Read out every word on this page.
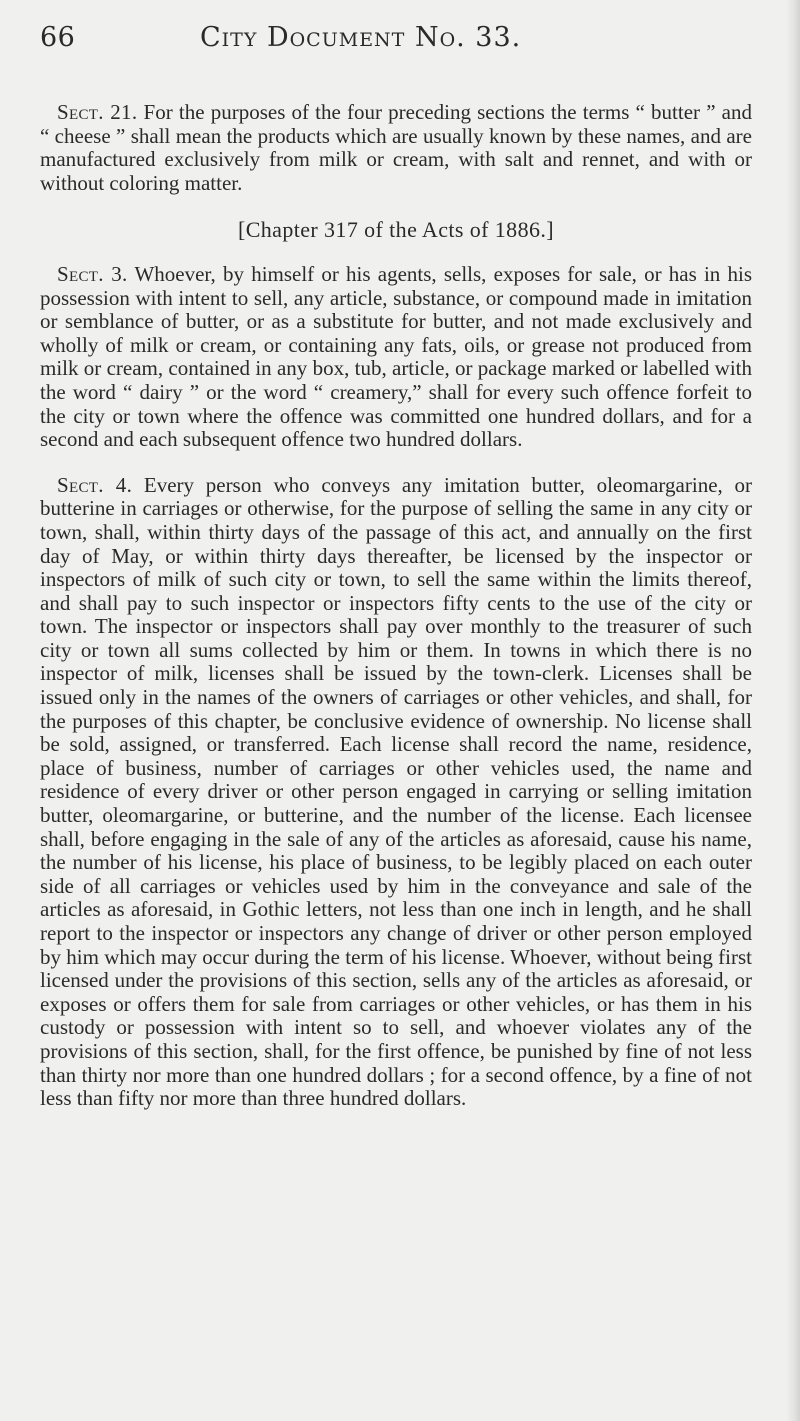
66	City Document No. 33.

Sect. 21. For the purposes of the four preceding sections the terms “ butter ” and “ cheese ” shall mean the products which are usually known by these names, and are manufactured exclusively from milk or cream, with salt and rennet, and with or without coloring matter.

[Chapter 317 of the Acts of 1886.]

Sect. 3. Whoever, by himself or his agents, sells, exposes for sale, or has in his possession with intent to sell, any article, substance, or compound made in imitation or semblance of butter, or as a substitute for butter, and not made exclusively and wholly of milk or cream, or containing any fats, oils, or grease not produced from milk or cream, contained in any box, tub, article, or package marked or labelled with the word “ dairy ” or the word “ creamery,” shall for every such offence forfeit to the city or town where the offence was committed one hundred dollars, and for a second and each subsequent offence two hundred dollars.

Sect. 4. Every person who conveys any imitation butter, oleomargarine, or butterine in carriages or otherwise, for the purpose of selling the same in any city or town, shall, within thirty days of the passage of this act, and annually on the first day of May, or within thirty days thereafter, be licensed by the inspector or inspectors of milk of such city or town, to sell the same within the limits thereof, and shall pay to such inspector or inspectors fifty cents to the use of the city or town. The inspector or inspectors shall pay over monthly to the treasurer of such city or town all sums collected by him or them. In towns in which there is no inspector of milk, licenses shall be issued by the town-clerk. Licenses shall be issued only in the names of the owners of carriages or other vehicles, and shall, for the purposes of this chapter, be conclusive evidence of ownership. No license shall be sold, assigned, or transferred. Each license shall record the name, residence, place of business, number of carriages or other vehicles used, the name and residence of every driver or other person engaged in carrying or selling imitation butter, oleomargarine, or butterine, and the number of the license. Each licensee shall, before engaging in the sale of any of the articles as aforesaid, cause his name, the number of his license, his place of business, to be legibly placed on each outer side of all carriages or vehicles used by him in the conveyance and sale of the articles as aforesaid, in Gothic letters, not less than one inch in length, and he shall report to the inspector or inspectors any change of driver or other person employed by him which may occur during the term of his license. Whoever, without being first licensed under the provisions of this section, sells any of the articles as aforesaid, or exposes or offers them for sale from carriages or other vehicles, or has them in his custody or possession with intent so to sell, and whoever violates any of the provisions of this section, shall, for the first offence, be punished by fine of not less than thirty nor more than one hundred dollars ; for a second offence, by a fine of not less than fifty nor more than three hundred dollars.
